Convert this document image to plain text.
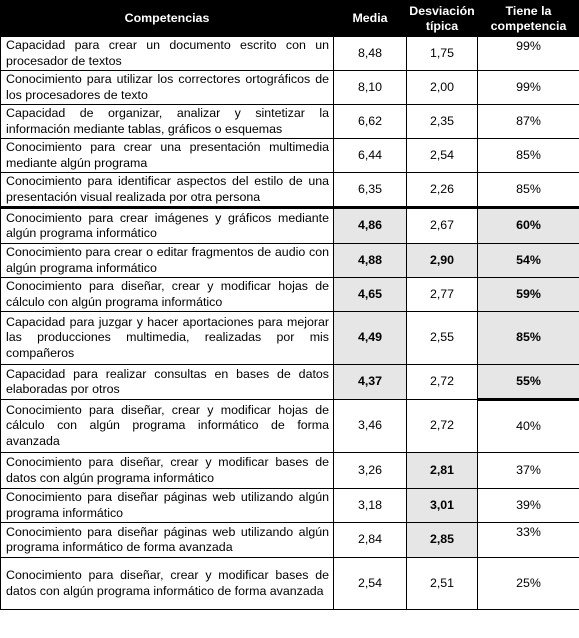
Competencias	Media	Desviación típica	Tiene la competencia
Capacidad para crear un documento escrito con un procesador de textos	8,48	1,75	99%
Conocimiento para utilizar los correctores ortográficos de los procesadores de texto	8,10	2,00	99%
Capacidad de organizar, analizar y sintetizar la información mediante tablas, gráficos o esquemas	6,62	2,35	87%
Conocimiento para crear una presentación multimedia mediante algún programa	6,44	2,54	85%
Conocimiento para identificar aspectos del estilo de una presentación visual realizada por otra persona	6,35	2,26	85%
Conocimiento para crear imágenes y gráficos mediante algún programa informático	4,86	2,67	60%
Conocimiento para crear o editar fragmentos de audio con algún programa informático	4,88	2,90	54%
Conocimiento para diseñar, crear y modificar hojas de cálculo con algún programa informático	4,65	2,77	59%
Capacidad para juzgar y hacer aportaciones para mejorar las producciones multimedia, realizadas por mis compañeros	4,49	2,55	85%
Capacidad para realizar consultas en bases de datos elaboradas por otros	4,37	2,72	55%
Conocimiento para diseñar, crear y modificar hojas de cálculo con algún programa informático de forma avanzada	3,46	2,72	40%
Conocimiento para diseñar, crear y modificar bases de datos con algún programa informático	3,26	2,81	37%
Conocimiento para diseñar páginas web utilizando algún programa informático	3,18	3,01	39%
Conocimiento para diseñar páginas web utilizando algún programa informático de forma avanzada	2,84	2,85	33%
Conocimiento para diseñar, crear y modificar bases de datos con algún programa informático de forma avanzada	2,54	2,51	25%
